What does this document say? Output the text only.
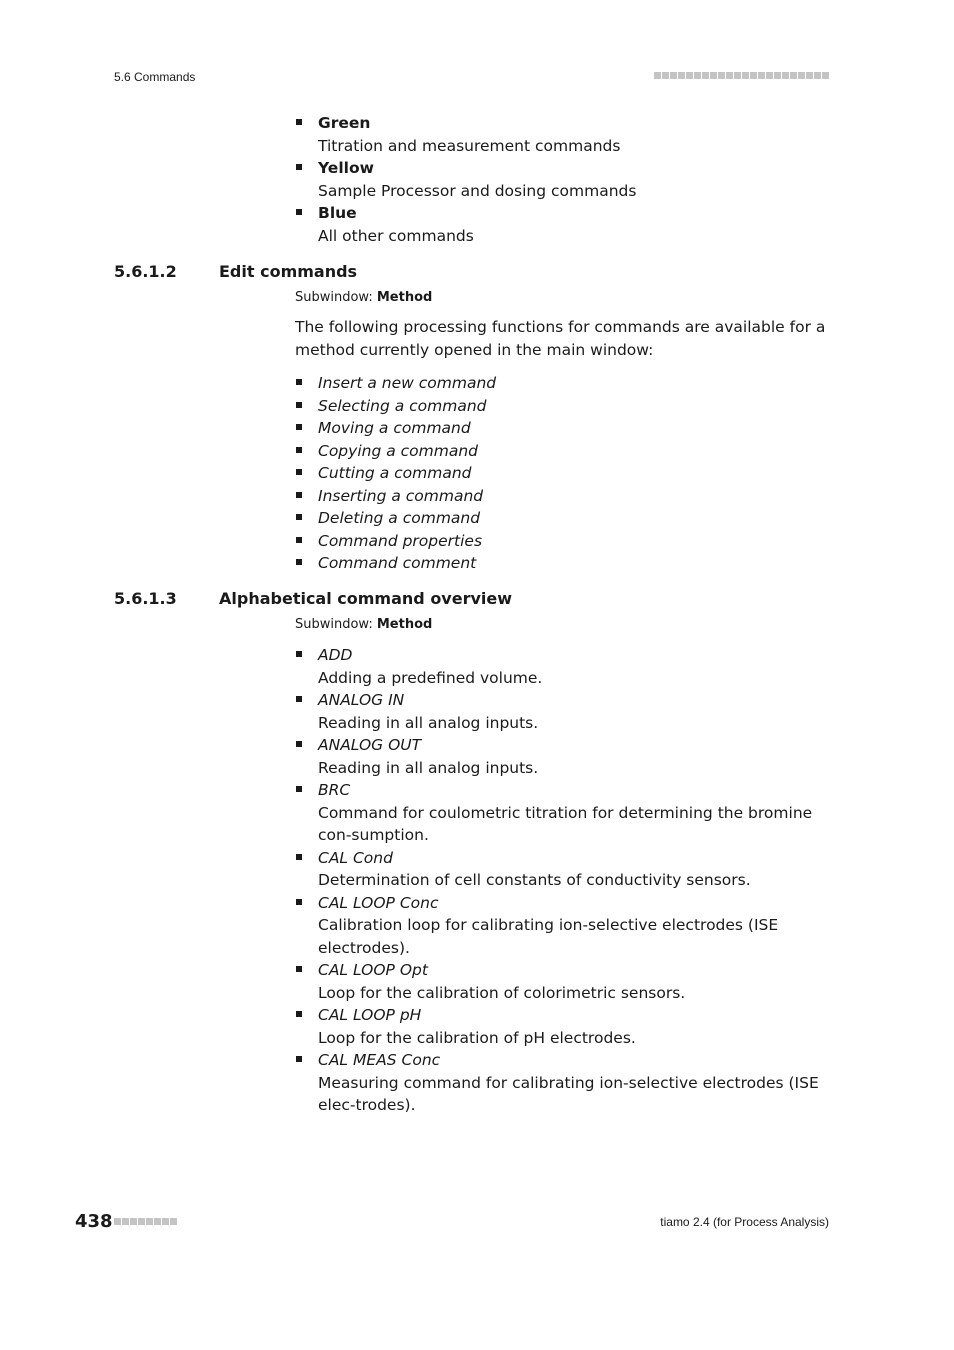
5.6 Commands
Green
Titration and measurement commands
Yellow
Sample Processor and dosing commands
Blue
All other commands
5.6.1.2	Edit commands
Subwindow: Method
The following processing functions for commands are available for a method currently opened in the main window:
Insert a new command
Selecting a command
Moving a command
Copying a command
Cutting a command
Inserting a command
Deleting a command
Command properties
Command comment
5.6.1.3	Alphabetical command overview
Subwindow: Method
ADD
Adding a predefined volume.
ANALOG IN
Reading in all analog inputs.
ANALOG OUT
Reading in all analog inputs.
BRC
Command for coulometric titration for determining the bromine con-sumption.
CAL Cond
Determination of cell constants of conductivity sensors.
CAL LOOP Conc
Calibration loop for calibrating ion-selective electrodes (ISE electrodes).
CAL LOOP Opt
Loop for the calibration of colorimetric sensors.
CAL LOOP pH
Loop for the calibration of pH electrodes.
CAL MEAS Conc
Measuring command for calibrating ion-selective electrodes (ISE elec-trodes).
438	tiamo 2.4 (for Process Analysis)
